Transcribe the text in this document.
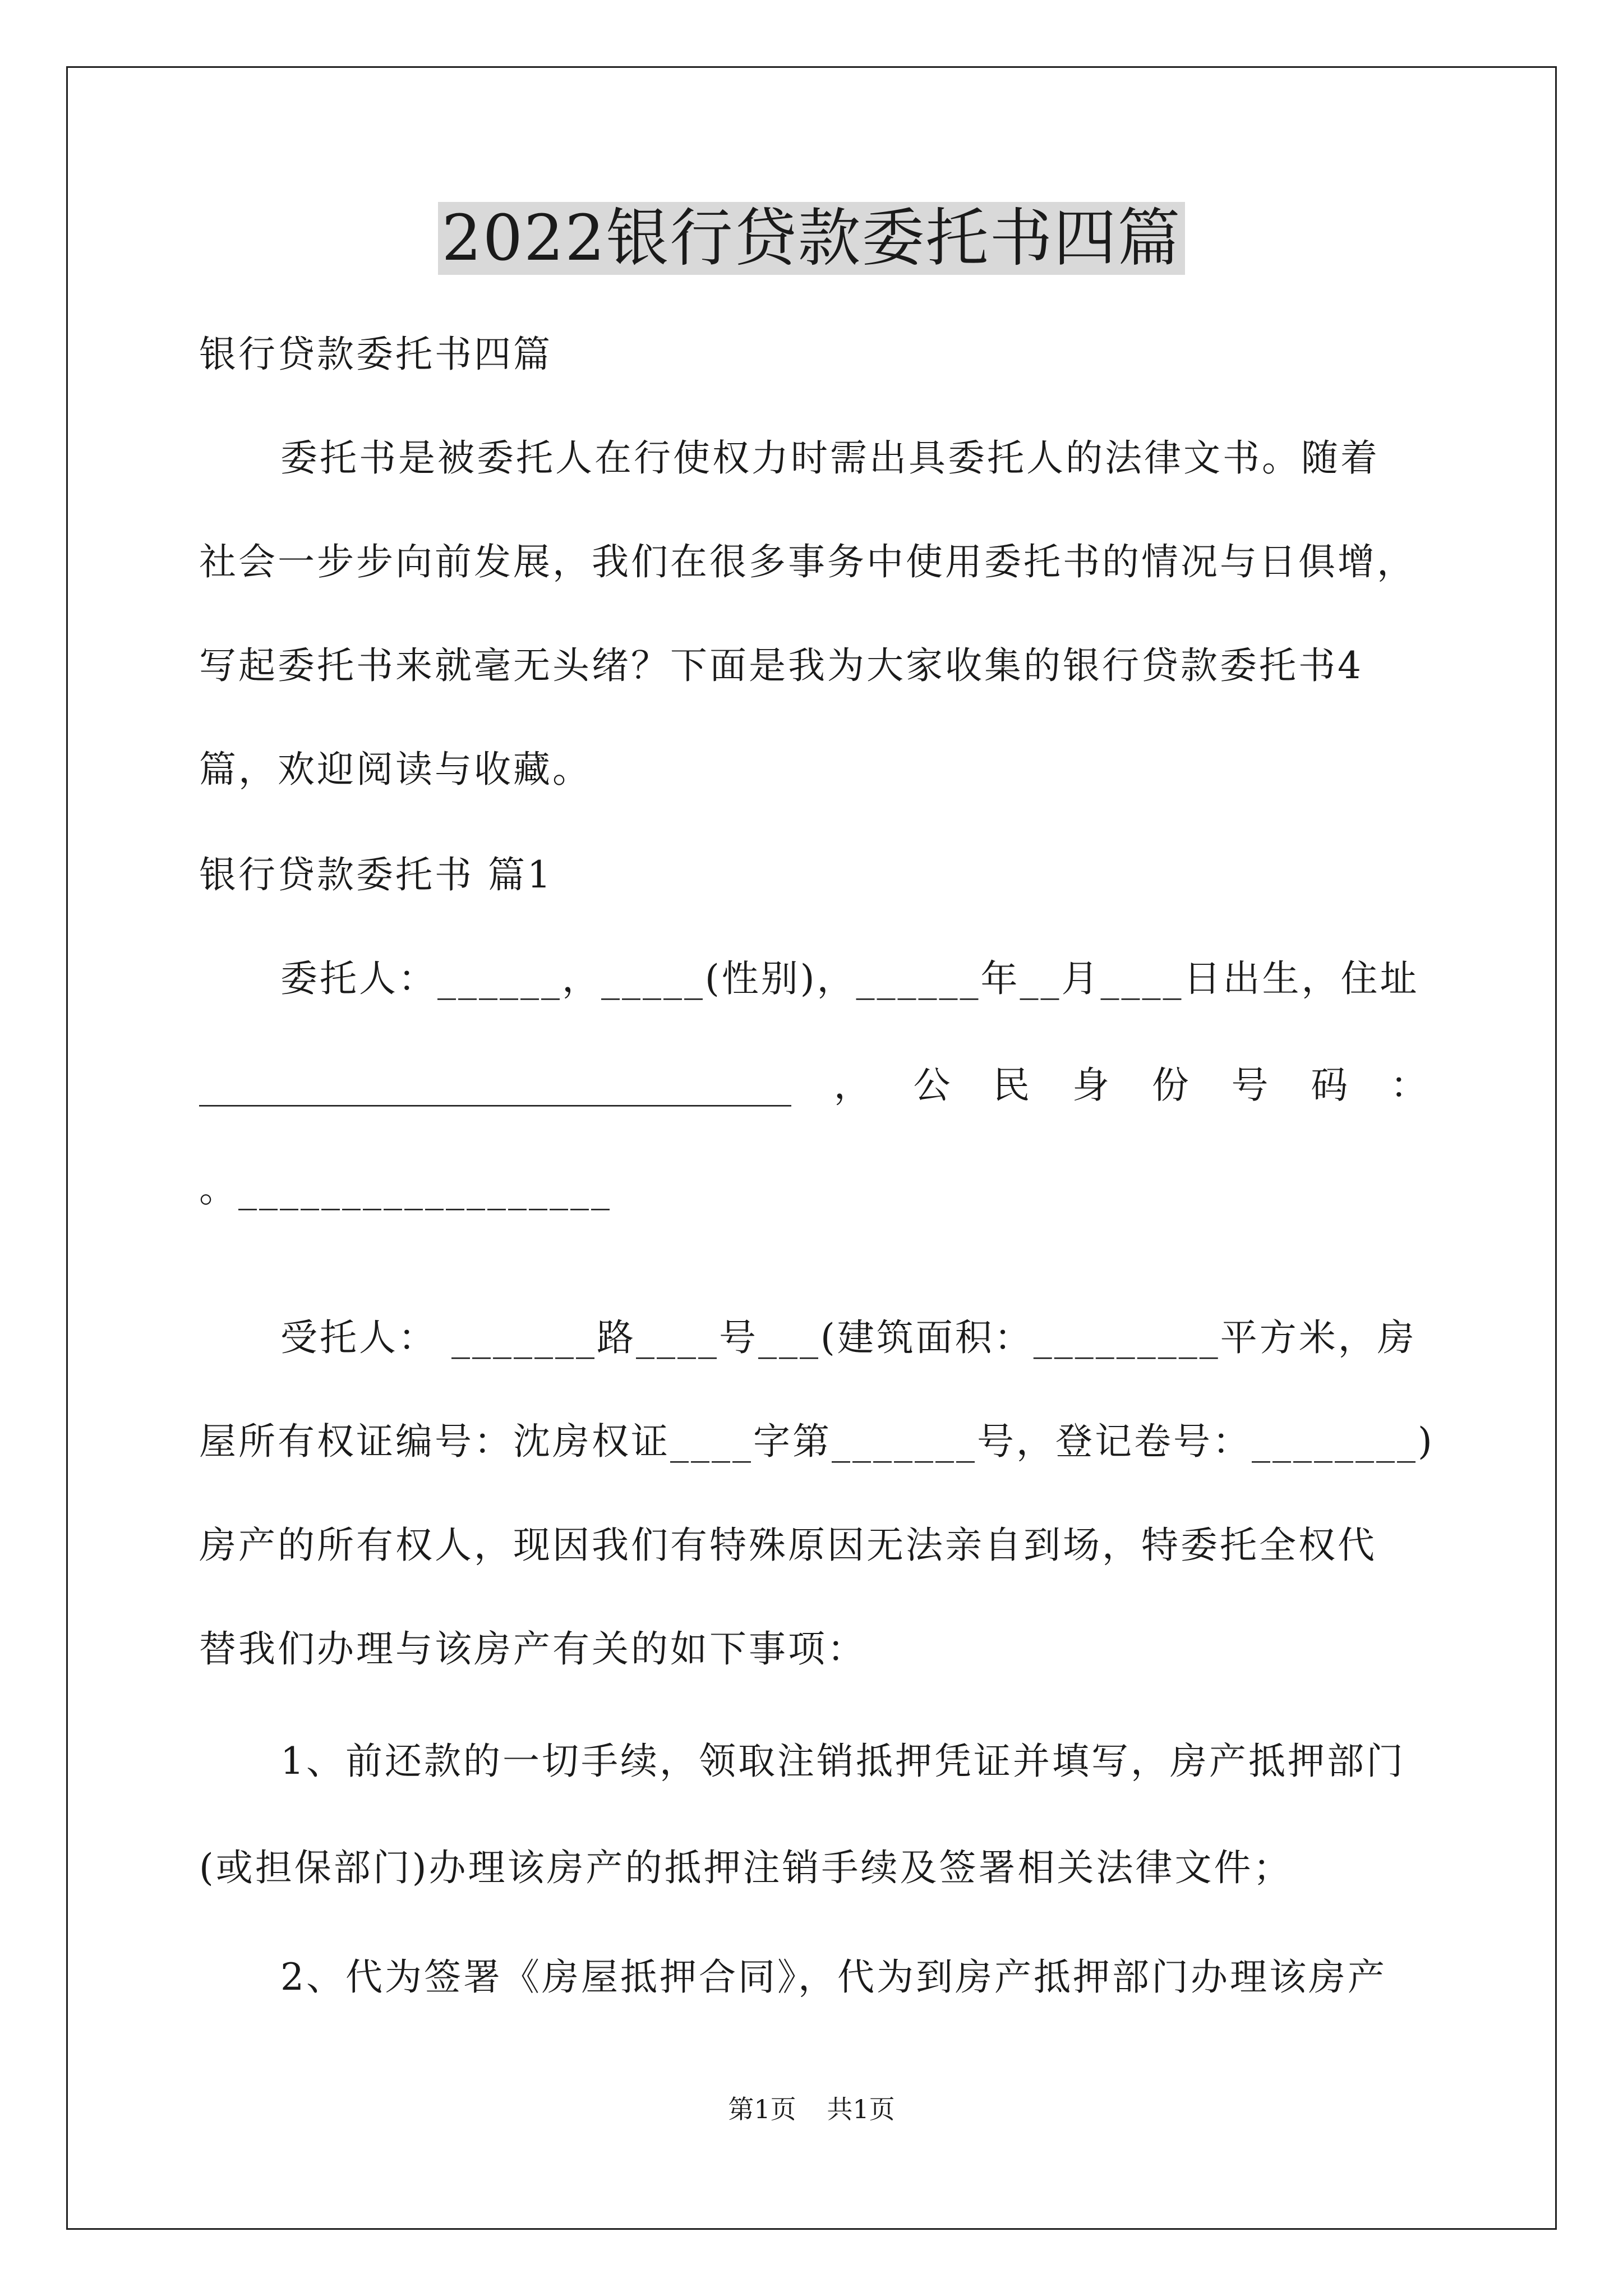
2022银行贷款委托书四篇
银行贷款委托书四篇
委托书是被委托人在行使权力时需出具委托人的法律文书。随着
社会一步步向前发展，我们在很多事务中使用委托书的情况与日俱增，
写起委托书来就毫无头绪？下面是我为大家收集的银行贷款委托书4
篇，欢迎阅读与收藏。
银行贷款委托书 篇1
委托人：______，_____(性别)，______年__月____日出生，住址
________________________________ ， 公 民 身 份 号 码 ：
。__________________
受托人： _______路____号___(建筑面积：_________平方米，房
屋所有权证编号：沈房权证____字第_______号，登记卷号：________)
房产的所有权人，现因我们有特殊原因无法亲自到场，特委托全权代
替我们办理与该房产有关的如下事项：
1、前还款的一切手续，领取注销抵押凭证并填写，房产抵押部门
(或担保部门)办理该房产的抵押注销手续及签署相关法律文件；
2、代为签署《房屋抵押合同》，代为到房产抵押部门办理该房产
第1页 共1页
